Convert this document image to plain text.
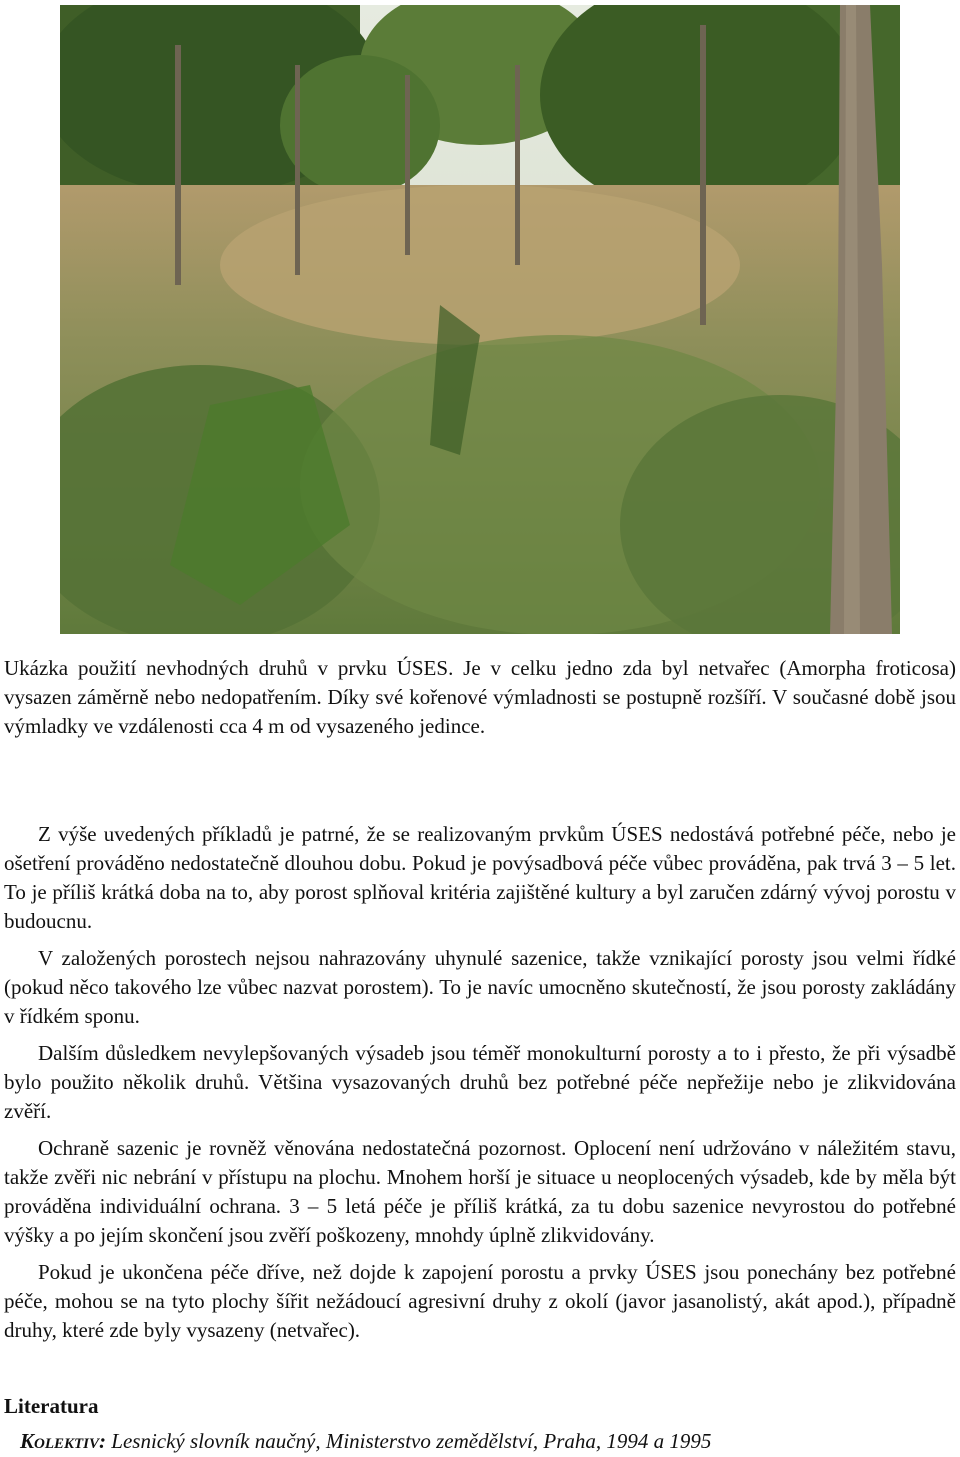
Ukázka použití nevhodných druhů v prvku ÚSES. Je v celku jedno zda byl netvařec (Amorpha froticosa) vysazen záměrně nebo nedopatřením. Díky své kořenové výmladnosti se postupně rozšíří. V současné době jsou výmladky ve vzdálenosti cca 4 m od vysazeného jedince.

Z výše uvedených příkladů je patrné, že se realizovaným prvkům ÚSES nedostává potřebné péče, nebo je ošetření prováděno nedostatečně dlouhou dobu. Pokud je povýsadbová péče vůbec prováděna, pak trvá 3 – 5 let. To je příliš krátká doba na to, aby porost splňoval kritéria zajištěné kultury a byl zaručen zdárný vývoj porostu v budoucnu.

V založených porostech nejsou nahrazovány uhynulé sazenice, takže vznikající porosty jsou velmi řídké (pokud něco takového lze vůbec nazvat porostem). To je navíc umocněno skutečností, že jsou porosty zakládány v řídkém sponu.

Dalším důsledkem nevylepšovaných výsadeb jsou téměř monokulturní porosty a to i přesto, že při výsadbě bylo použito několik druhů. Většina vysazovaných druhů bez potřebné péče nepřežije nebo je zlikvidována zvěří.

Ochraně sazenic je rovněž věnována nedostatečná pozornost. Oplocení není udržováno v náležitém stavu, takže zvěři nic nebrání v přístupu na plochu. Mnohem horší je situace u neoplocených výsadeb, kde by měla být prováděna individuální ochrana. 3 – 5 letá péče je příliš krátká, za tu dobu sazenice nevyrostou do potřebné výšky a po jejím skončení jsou zvěří poškozeny, mnohdy úplně zlikvidovány.

Pokud je ukončena péče dříve, než dojde k zapojení porostu a prvky ÚSES jsou ponechány bez potřebné péče, mohou se na tyto plochy šířit nežádoucí agresivní druhy z okolí (javor jasanolistý, akát apod.), případně druhy, které zde byly vysazeny (netvařec).

Literatura

Kolektiv: Lesnický slovník naučný, Ministerstvo zemědělství, Praha, 1994 a 1995
